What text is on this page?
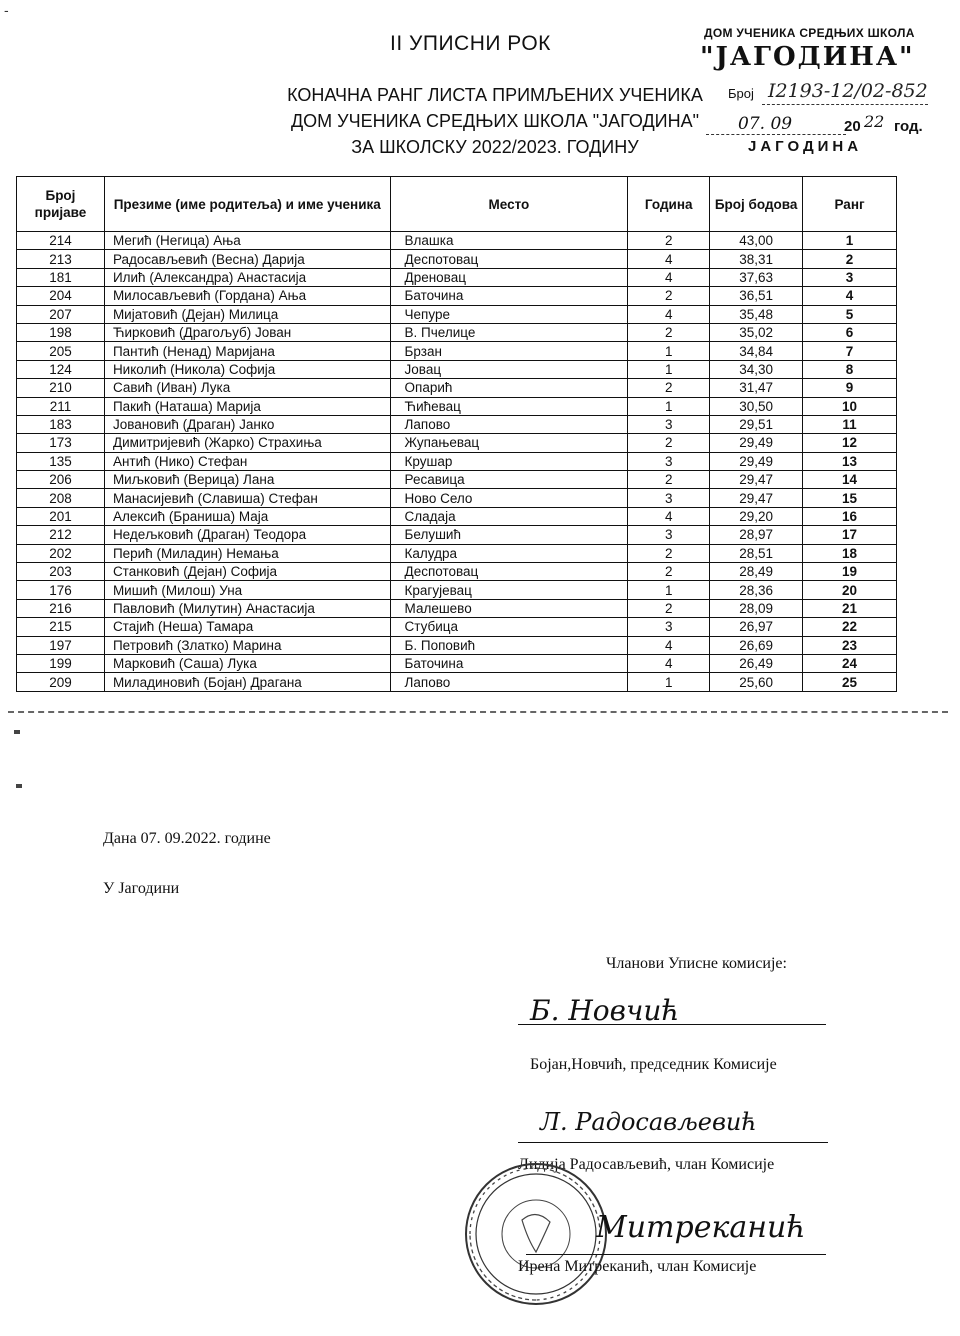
-
II УПИСНИ РОК
КОНАЧНА РАНГ ЛИСТА ПРИМЉЕНИХ УЧЕНИКА
ДОМ УЧЕНИКА СРЕДЊИХ ШКОЛА "ЈАГОДИНА"
ЗА ШКОЛСКУ 2022/2023. ГОДИНУ
ДОМ УЧЕНИКА СРЕДЊИХ ШКОЛА
"ЈАГОДИНА"
Број I2193-12/02-852
07. 09	20 22 год.
ЈАГОДИНА
Број пријаве	Презиме (име родитеља) и име ученика	Место	Година	Број бодова	Ранг
214	Мегић (Негица) Ања	Влашка	2	43,00	1
213	Радосављевић (Весна) Дарија	Деспотовац	4	38,31	2
181	Илић (Александра) Анастасија	Дреновац	4	37,63	3
204	Милосављевић (Гордана) Ања	Баточина	2	36,51	4
207	Мијатовић (Дејан) Милица	Чепуре	4	35,48	5
198	Ћирковић (Драгољуб) Јован	В. Пчелице	2	35,02	6
205	Пантић (Ненад) Маријана	Брзан	1	34,84	7
124	Николић (Никола) Софија	Јовац	1	34,30	8
210	Савић (Иван) Лука	Опарић	2	31,47	9
211	Пакић (Наташа) Марија	Ћићевац	1	30,50	10
183	Јовановић (Драган) Јанко	Лапово	3	29,51	11
173	Димитријевић (Жарко) Страхиња	Жупањевац	2	29,49	12
135	Антић (Нико) Стефан	Крушар	3	29,49	13
206	Миљковић (Верица) Лана	Ресавица	2	29,47	14
208	Манасијевић (Славиша) Стефан	Ново Село	3	29,47	15
201	Алексић (Браниша) Маја	Сладаја	4	29,20	16
212	Недељковић (Драган) Теодора	Белушић	3	28,97	17
202	Перић (Миладин) Немања	Калудра	2	28,51	18
203	Станковић (Дејан) Софија	Деспотовац	2	28,49	19
176	Мишић (Милош) Уна	Крагујевац	1	28,36	20
216	Павловић (Милутин) Анастасија	Малешево	2	28,09	21
215	Стајић (Неша) Тамара	Стубица	3	26,97	22
197	Петровић (Златко) Марина	Б. Поповић	4	26,69	23
199	Марковић (Саша) Лука	Баточина	4	26,49	24
209	Миладиновић (Бојан) Драгана	Лапово	1	25,60	25
Дана 07. 09.2022. године
У Јагодини
Чланови Уписне комисије:
Б. Новчић
Бојан,Новчић, председник Комисије
Л. Радосављевић
Лидија Радосављевић, члан Комисије
Митреканић
Ирена Митреканић, члан Комисије
